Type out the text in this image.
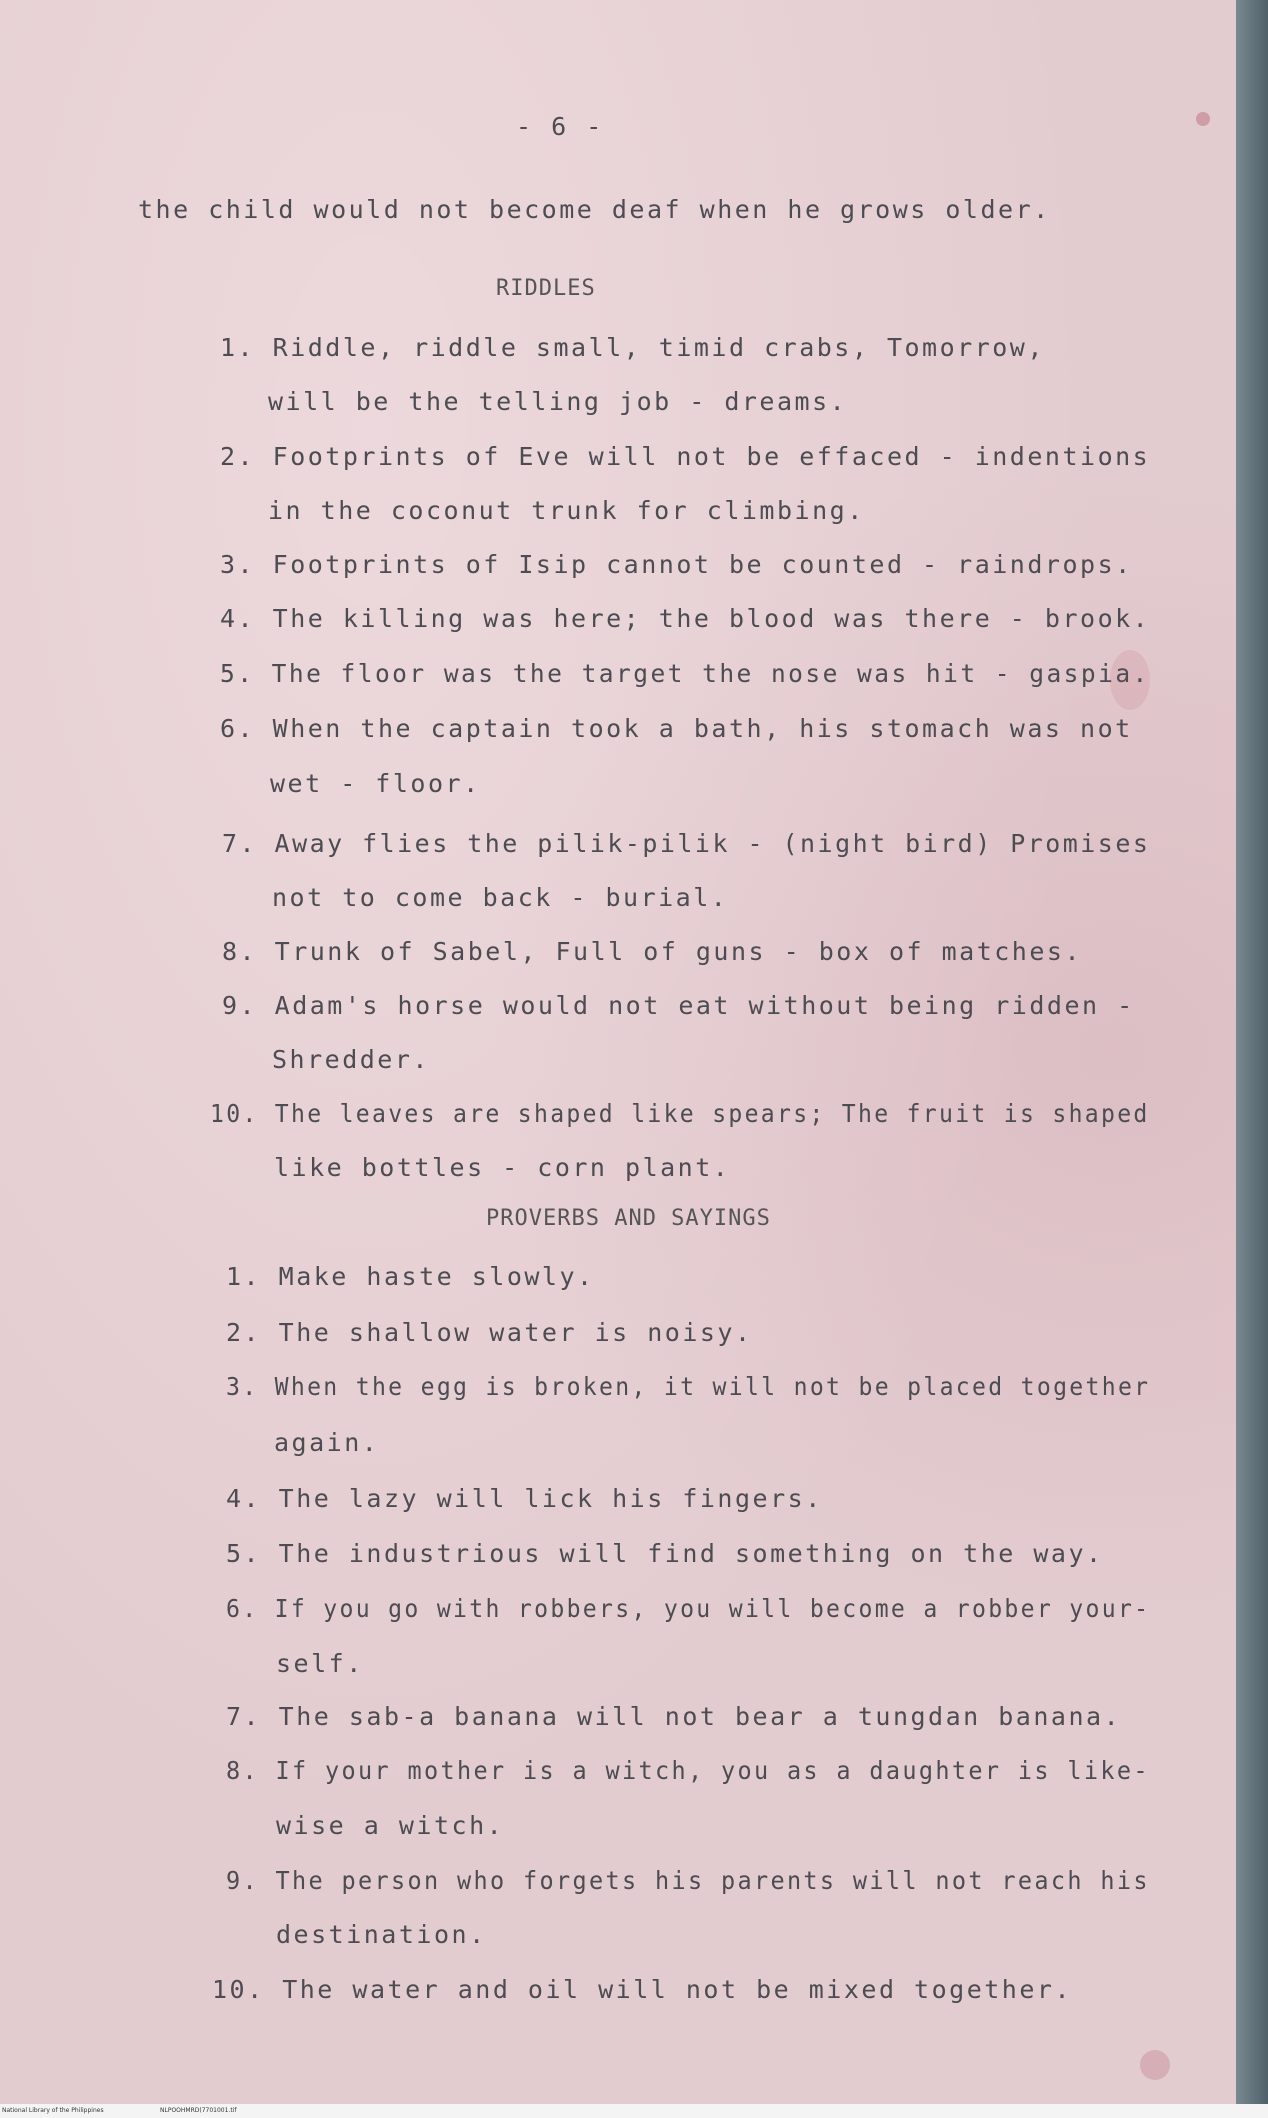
- 6 -
the child would not become deaf when he grows older.
RIDDLES
1. Riddle, riddle small, timid crabs, Tomorrow,
will be the telling job - dreams.
2. Footprints of Eve will not be effaced - indentions
in the coconut trunk for climbing.
3. Footprints of Isip cannot be counted - raindrops.
4. The killing was here; the blood was there - brook.
5. The floor was the target the nose was hit - gaspia.
6. When the captain took a bath, his stomach was not
wet - floor.
7. Away flies the pilik-pilik - (night bird) Promises
not to come back - burial.
8. Trunk of Sabel, Full of guns - box of matches.
9. Adam's horse would not eat without being ridden -
Shredder.
10. The leaves are shaped like spears; The fruit is shaped
like bottles - corn plant.
PROVERBS AND SAYINGS
1. Make haste slowly.
2. The shallow water is noisy.
3. When the egg is broken, it will not be placed together
again.
4. The lazy will lick his fingers.
5. The industrious will find something on the way.
6. If you go with robbers, you will become a robber your-
self.
7. The sab-a banana will not bear a tungdan banana.
8. If your mother is a witch, you as a daughter is like-
wise a witch.
9. The person who forgets his parents will not reach his
destination.
10. The water and oil will not be mixed together.
National Library of the Philippines	NLPOOHMRD(7701001.tif
